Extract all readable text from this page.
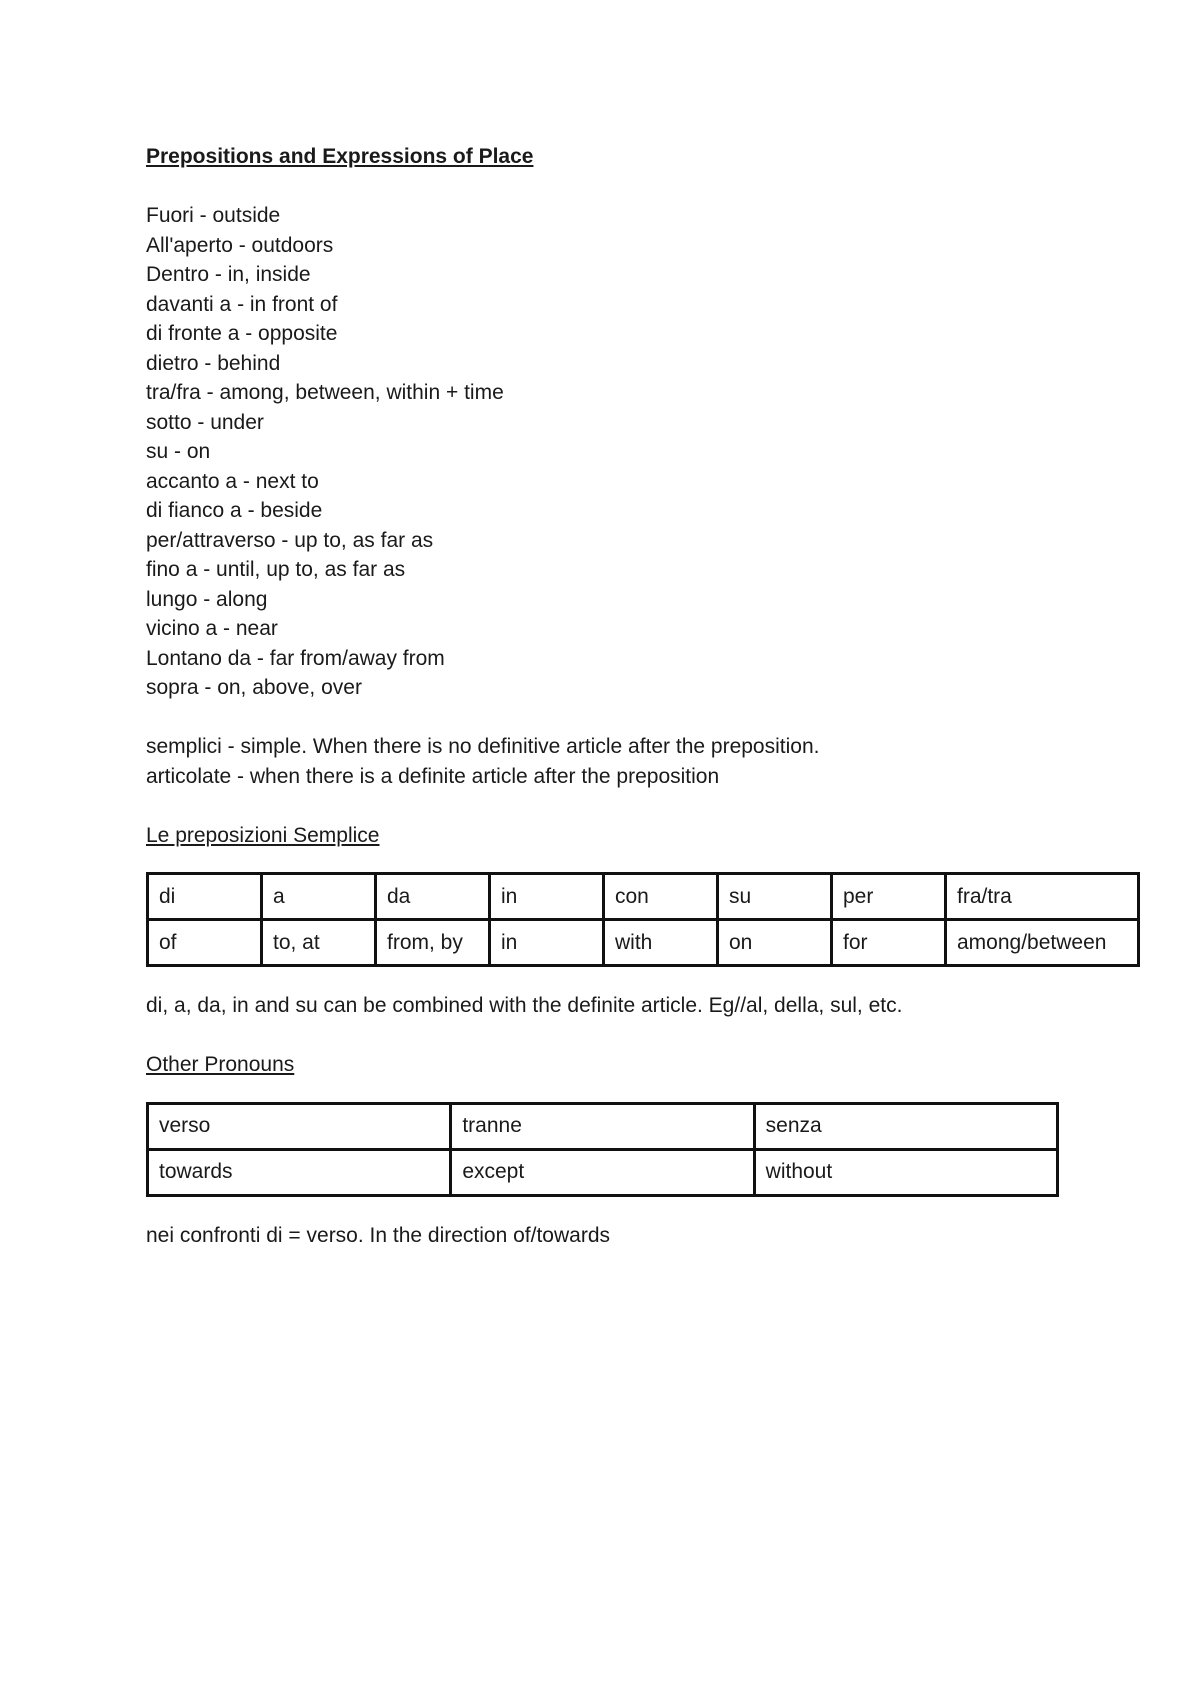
Prepositions and Expressions of Place
Fuori - outside
All'aperto - outdoors
Dentro - in, inside
davanti a - in front of
di fronte a - opposite
dietro - behind
tra/fra - among, between, within + time
sotto - under
su - on
accanto a - next to
di fianco a - beside
per/attraverso - up to, as far as
fino a - until, up to, as far as
lungo - along
vicino a - near
Lontano da - far from/away from
sopra - on, above, over
semplici - simple. When there is no definitive article after the preposition.
articolate - when there is a definite article after the preposition
Le preposizioni Semplice
di	a	da	in	con	su	per	fra/tra
of	to, at	from, by	in	with	on	for	among/between
di, a, da, in and su can be combined with the definite article. Eg//al, della, sul, etc.
Other Pronouns
verso	tranne	senza
towards	except	without
nei confronti di = verso. In the direction of/towards
